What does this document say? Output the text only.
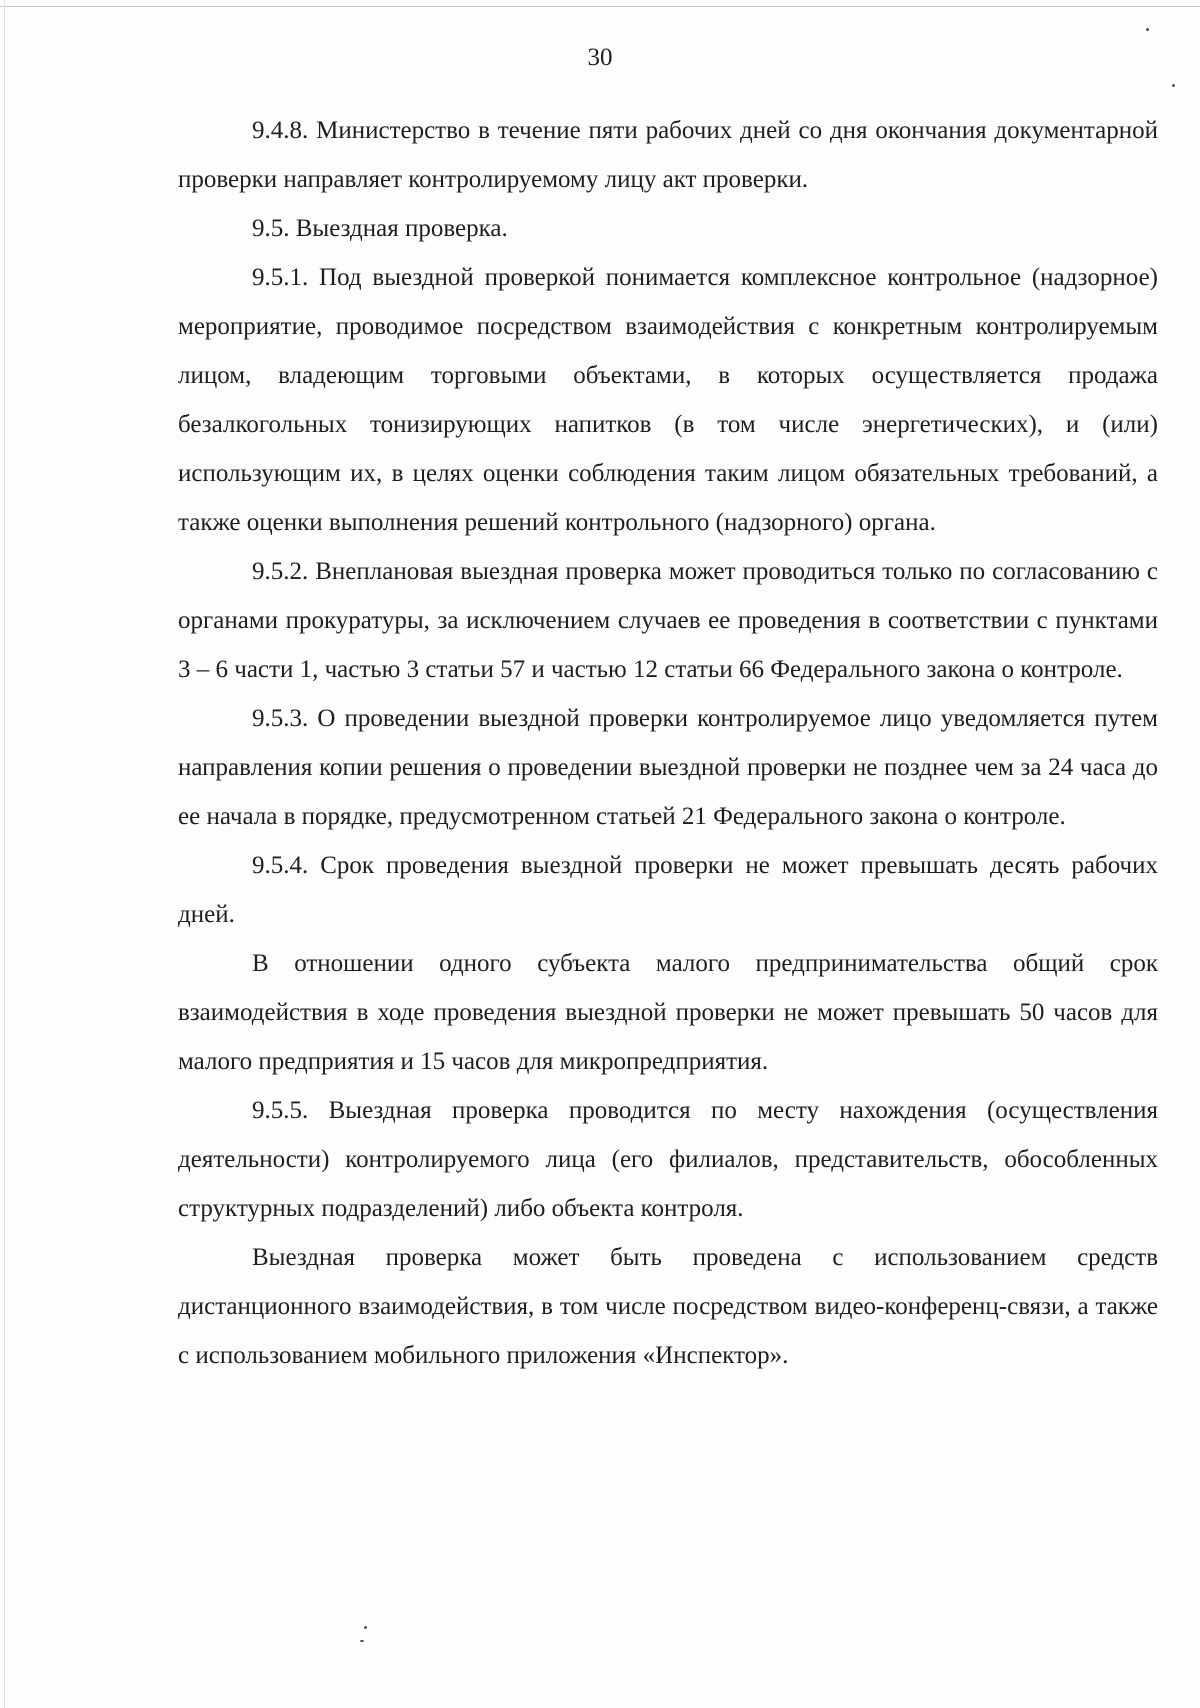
30

9.4.8. Министерство в течение пяти рабочих дней со дня окончания документарной проверки направляет контролируемому лицу акт проверки.

9.5. Выездная проверка.

9.5.1. Под выездной проверкой понимается комплексное контрольное (надзорное) мероприятие, проводимое посредством взаимодействия с конкретным контролируемым лицом, владеющим торговыми объектами, в которых осуществляется продажа безалкогольных тонизирующих напитков (в том числе энергетических), и (или) использующим их, в целях оценки соблюдения таким лицом обязательных требований, а также оценки выполнения решений контрольного (надзорного) органа.

9.5.2. Внеплановая выездная проверка может проводиться только по согласованию с органами прокуратуры, за исключением случаев ее проведения в соответствии с пунктами 3 – 6 части 1, частью 3 статьи 57 и частью 12 статьи 66 Федерального закона о контроле.

9.5.3. О проведении выездной проверки контролируемое лицо уведомляется путем направления копии решения о проведении выездной проверки не позднее чем за 24 часа до ее начала в порядке, предусмотренном статьей 21 Федерального закона о контроле.

9.5.4. Срок проведения выездной проверки не может превышать десять рабочих дней.

В отношении одного субъекта малого предпринимательства общий срок взаимодействия в ходе проведения выездной проверки не может превышать 50 часов для малого предприятия и 15 часов для микропредприятия.

9.5.5. Выездная проверка проводится по месту нахождения (осуществления деятельности) контролируемого лица (его филиалов, представительств, обособленных структурных подразделений) либо объекта контроля.

Выездная проверка может быть проведена с использованием средств дистанционного взаимодействия, в том числе посредством видео-конференц-связи, а также с использованием мобильного приложения «Инспектор».
